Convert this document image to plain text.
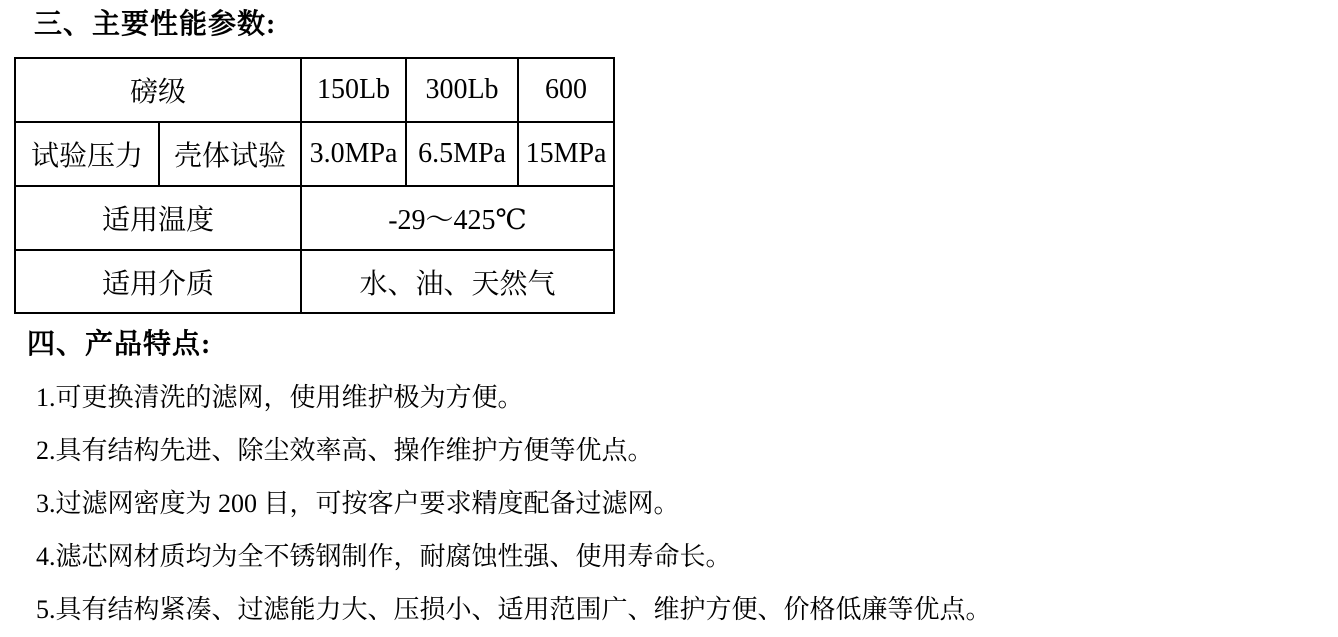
三、主要性能参数:
磅级		150Lb	300Lb	600
试验压力	壳体试验	3.0MPa	6.5MPa	15MPa
适用温度		-29～425℃		
适用介质		水、油、天然气		
四、产品特点:
1.可更换清洗的滤网，使用维护极为方便。
2.具有结构先进、除尘效率高、操作维护方便等优点。
3.过滤网密度为 200 目，可按客户要求精度配备过滤网。
4.滤芯网材质均为全不锈钢制作，耐腐蚀性强、使用寿命长。
5.具有结构紧凑、过滤能力大、压损小、适用范围广、维护方便、价格低廉等优点。
